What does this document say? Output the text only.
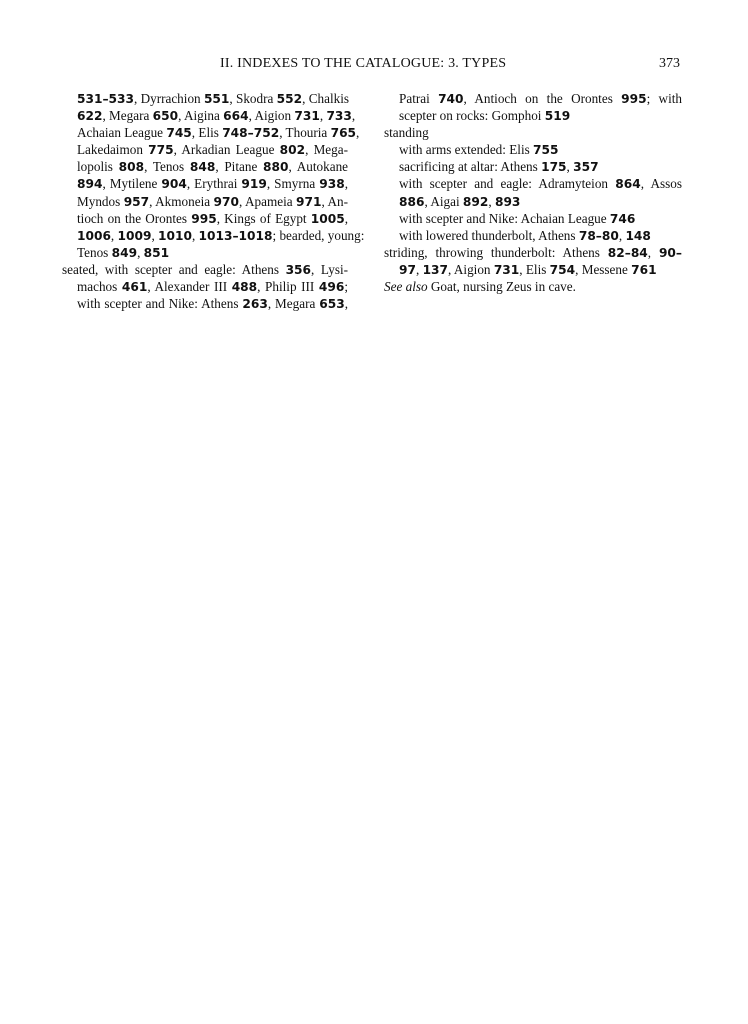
II. INDEXES TO THE CATALOGUE: 3. TYPES	373
531–533, Dyrrachion 551, Skodra 552, Chalkis
622, Megara 650, Aigina 664, Aigion 731, 733,
Achaian League 745, Elis 748–752, Thouria 765,
Lakedaimon 775, Arkadian League 802, Mega-
lopolis 808, Tenos 848, Pitane 880, Autokane
894, Mytilene 904, Erythrai 919, Smyrna 938,
Myndos 957, Akmoneia 970, Apameia 971, An-
tioch on the Orontes 995, Kings of Egypt 1005,
1006, 1009, 1010, 1013–1018; bearded, young:
Tenos 849, 851
seated, with scepter and eagle: Athens 356, Lysi-
machos 461, Alexander III 488, Philip III 496;
with scepter and Nike: Athens 263, Megara 653,
Patrai 740, Antioch on the Orontes 995; with
scepter on rocks: Gomphoi 519
standing
with arms extended: Elis 755
sacrificing at altar: Athens 175, 357
with scepter and eagle: Adramyteion 864, Assos
886, Aigai 892, 893
with scepter and Nike: Achaian League 746
with lowered thunderbolt, Athens 78–80, 148
striding, throwing thunderbolt: Athens 82–84, 90–
97, 137, Aigion 731, Elis 754, Messene 761
See also Goat, nursing Zeus in cave.
